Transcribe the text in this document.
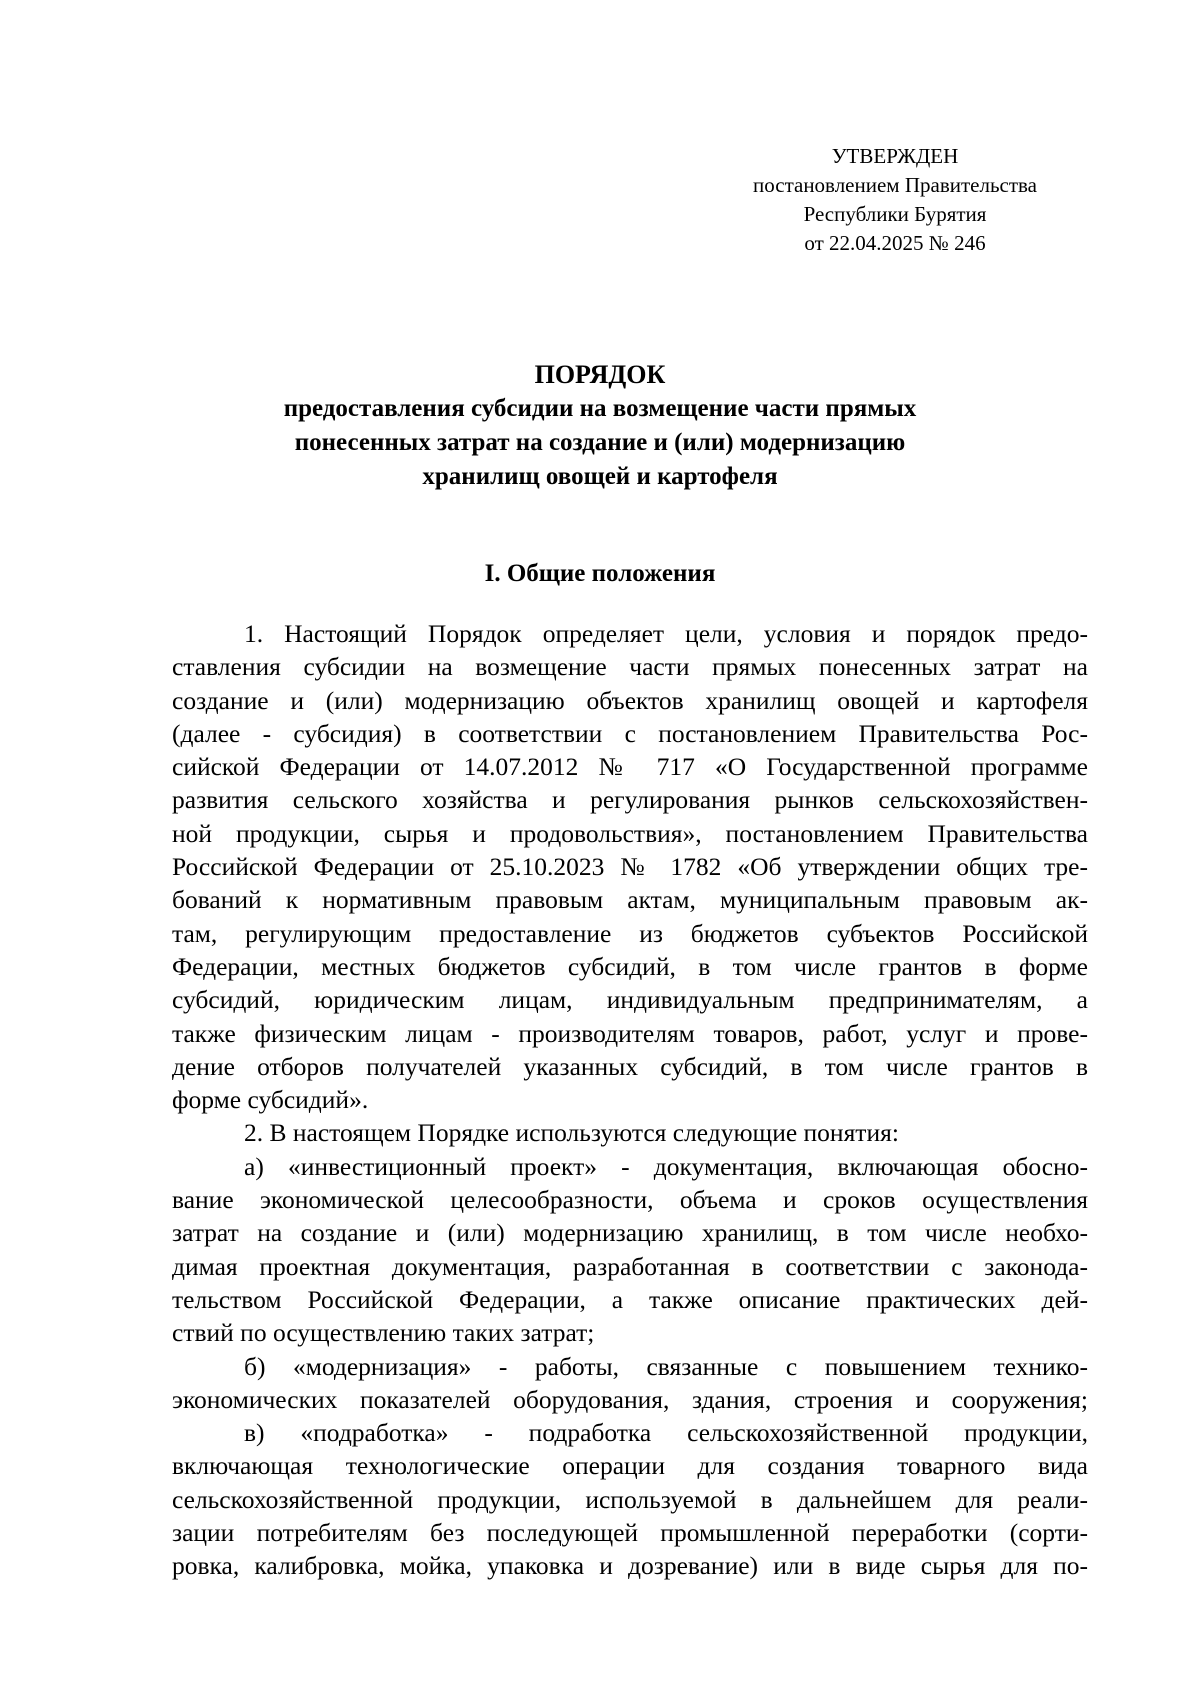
УТВЕРЖДЕН
постановлением Правительства
Республики Бурятия
от 22.04.2025 № 246
ПОРЯДОК
предоставления субсидии на возмещение части прямых
понесенных затрат на создание и (или) модернизацию
хранилищ овощей и картофеля
I. Общие положения
1. Настоящий Порядок определяет цели, условия и порядок предо-
ставления субсидии на возмещение части прямых понесенных затрат на
создание и (или) модернизацию объектов хранилищ овощей и картофеля
(далее - субсидия) в соответствии с постановлением Правительства Рос-
сийской Федерации от 14.07.2012 № 717 «О Государственной программе
развития сельского хозяйства и регулирования рынков сельскохозяйствен-
ной продукции, сырья и продовольствия», постановлением Правительства
Российской Федерации от 25.10.2023 № 1782 «Об утверждении общих тре-
бований к нормативным правовым актам, муниципальным правовым ак-
там, регулирующим предоставление из бюджетов субъектов Российской
Федерации, местных бюджетов субсидий, в том числе грантов в форме
субсидий, юридическим лицам, индивидуальным предпринимателям, а
также физическим лицам - производителям товаров, работ, услуг и прове-
дение отборов получателей указанных субсидий, в том числе грантов в
форме субсидий».
2. В настоящем Порядке используются следующие понятия:
а) «инвестиционный проект» - документация, включающая обосно-
вание экономической целесообразности, объема и сроков осуществления
затрат на создание и (или) модернизацию хранилищ, в том числе необхо-
димая проектная документация, разработанная в соответствии с законода-
тельством Российской Федерации, а также описание практических дей-
ствий по осуществлению таких затрат;
б) «модернизация» - работы, связанные с повышением технико-
экономических показателей оборудования, здания, строения и сооружения;
в) «подработка» - подработка сельскохозяйственной продукции,
включающая технологические операции для создания товарного вида
сельскохозяйственной продукции, используемой в дальнейшем для реали-
зации потребителям без последующей промышленной переработки (сорти-
ровка, калибровка, мойка, упаковка и дозревание) или в виде сырья для по-
